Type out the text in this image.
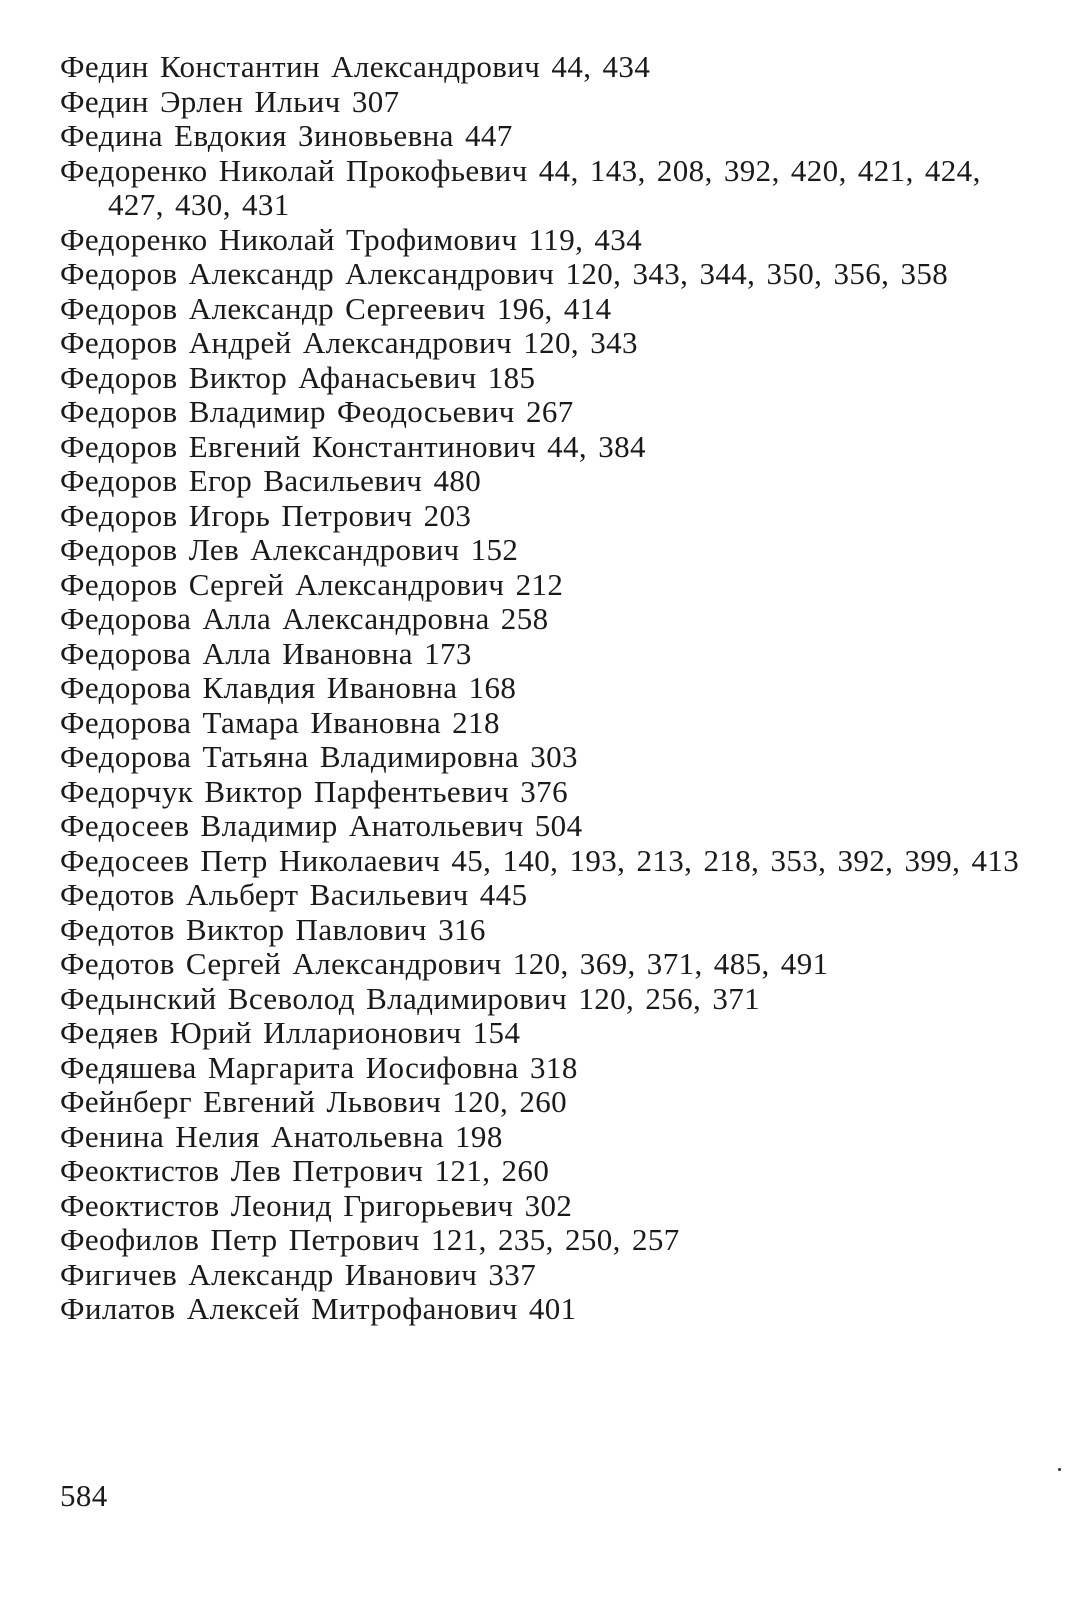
Федин Константин Александрович 44, 434
Федин Эрлен Ильич 307
Федина Евдокия Зиновьевна 447
Федоренко Николай Прокофьевич 44, 143, 208, 392, 420, 421, 424, 427, 430, 431
Федоренко Николай Трофимович 119, 434
Федоров Александр Александрович 120, 343, 344, 350, 356, 358
Федоров Александр Сергеевич 196, 414
Федоров Андрей Александрович 120, 343
Федоров Виктор Афанасьевич 185
Федоров Владимир Феодосьевич 267
Федоров Евгений Константинович 44, 384
Федоров Егор Васильевич 480
Федоров Игорь Петрович 203
Федоров Лев Александрович 152
Федоров Сергей Александрович 212
Федорова Алла Александровна 258
Федорова Алла Ивановна 173
Федорова Клавдия Ивановна 168
Федорова Тамара Ивановна 218
Федорова Татьяна Владимировна 303
Федорчук Виктор Парфентьевич 376
Федосеев Владимир Анатольевич 504
Федосеев Петр Николаевич 45, 140, 193, 213, 218, 353, 392, 399, 413
Федотов Альберт Васильевич 445
Федотов Виктор Павлович 316
Федотов Сергей Александрович 120, 369, 371, 485, 491
Федынский Всеволод Владимирович 120, 256, 371
Федяев Юрий Илларионович 154
Федяшева Маргарита Иосифовна 318
Фейнберг Евгений Львович 120, 260
Фенина Нелия Анатольевна 198
Феоктистов Лев Петрович 121, 260
Феоктистов Леонид Григорьевич 302
Феофилов Петр Петрович 121, 235, 250, 257
Фигичев Александр Иванович 337
Филатов Алексей Митрофанович 401
584
